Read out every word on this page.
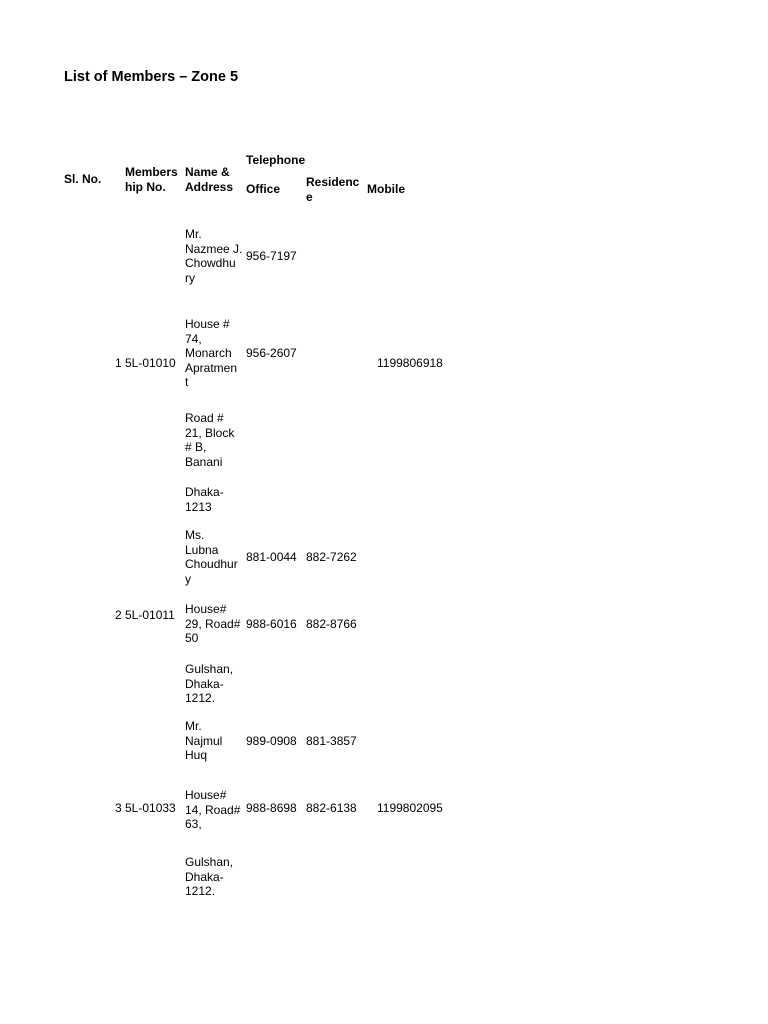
List of Members – Zone 5
Sl. No. Members
hip No.
Name &
Address
Telephone
Office Residenc
e
Mobile
Mr.
Nazmee J.
Chowdhu
ry
956-7197
House #
74,
Monarch
Apratmen
t
956-2607
1 5L-01010	1199806918
Road #
21, Block
# B,
Banani
Dhaka-
1213
Ms.
Lubna
Choudhur
y
881-0044 882-7262
2 5L-01011 House#
29, Road#
50
988-6016 882-8766
Gulshan,
Dhaka-
1212.
Mr.
Najmul
Huq
989-0908 881-3857
3 5L-01033
House#
14, Road#
63,
988-8698 882-6138 1199802095
Gulshan,
Dhaka-
1212.
